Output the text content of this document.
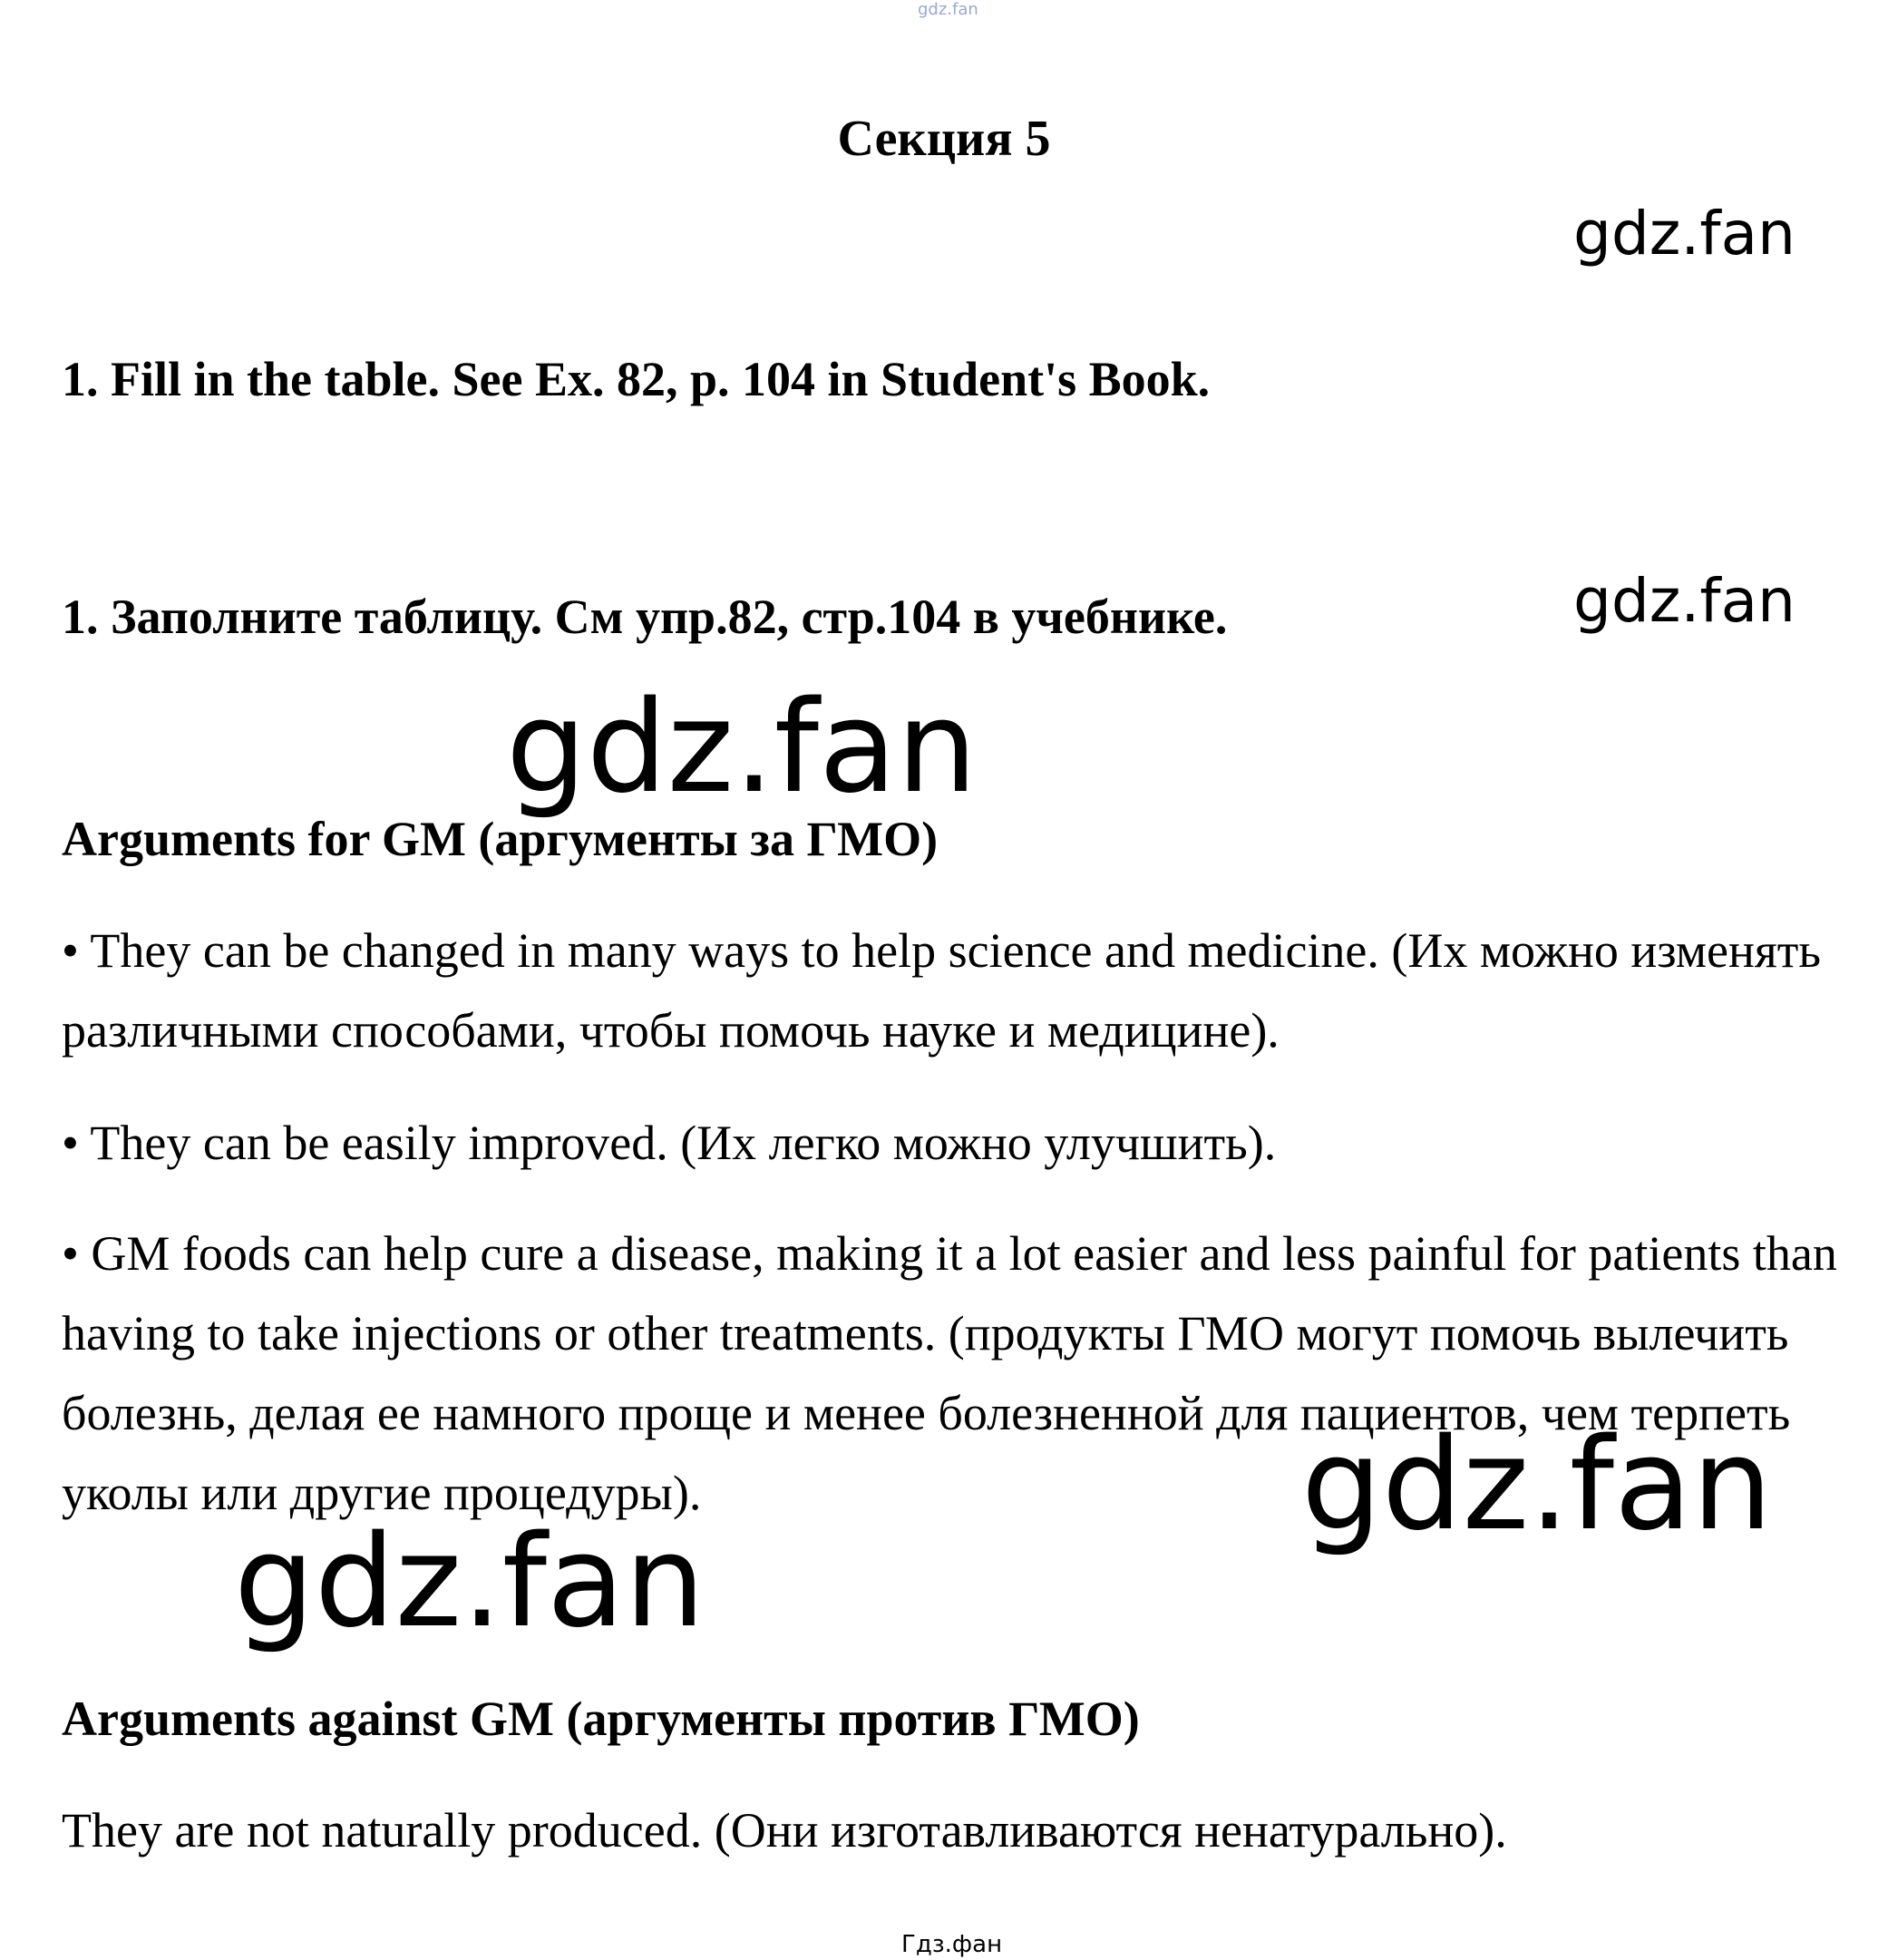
gdz.fan
Секция 5
gdz.fan

1. Fill in the table. See Ex. 82, p. 104 in Student's Book.

gdz.fan

1. Заполните таблицу. См упр.82, стр.104 в учебнике.

gdz.fan
Arguments for GM (аргументы за ГМО)

• They can be changed in many ways to help science and medicine. (Их можно изменять различными способами, чтобы помочь науке и медицине).

• They can be easily improved. (Их легко можно улучшить).

• GM foods can help cure a disease, making it a lot easier and less painful for patients than having to take injections or other treatments. (продукты ГМО могут помочь вылечить болезнь, делая ее намного проще и менее болезненной для пациентов, чем терпеть уколы или другие процедуры).	gdz.fan
gdz.fan
Arguments against GM (аргументы против ГМО)

They are not naturally produced. (Они изготавливаются ненатурально).

Гдз.фан
